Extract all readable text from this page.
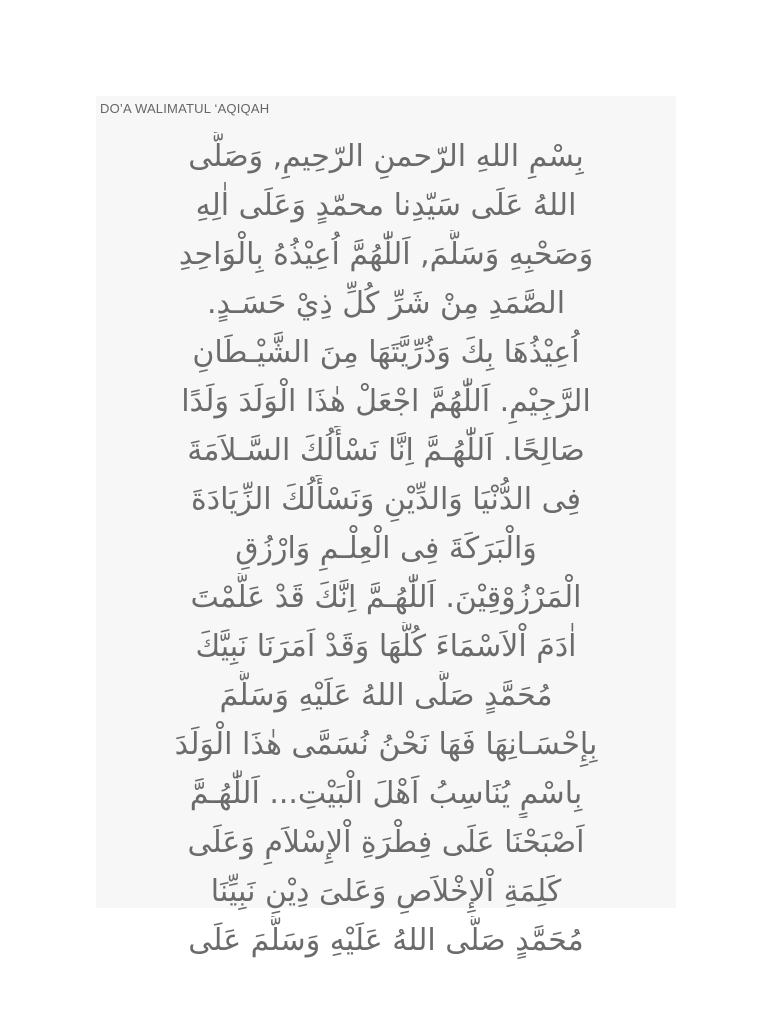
DO’A WALIMATUL ‘AQIQAH
بِسْمِ اللهِ الرّحمنِ الرّحِيمِ, وَصَلَّى
اللهُ عَلَى سَيّدِنا محمّدٍ وَعَلَى اٰلِهِ
وَصَحْبِهِ وَسَلَّمَ, اَللّٰهُمَّ اُعِيْذُهُ بِالْوَاحِدِ
الصَّمَدِ مِنْ شَرِّ كُلِّ ذِيْ حَسَـدٍ.
اُعِيْذُهَا بِكَ وَذُرِّيَّتَهَا مِنَ الشَّيْـطَانِ
الرَّجِيْمِ. اَللّٰهُمَّ اجْعَلْ هٰذَا الْوَلَدَ وَلَدًا
صَالِحًا. اَللّٰهُـمَّ اِنَّا نَسْأَلُكَ السَّـلاَمَةَ
فِى الدُّنْيَا وَالدِّيْنِ وَنَسْأَلُكَ الزِّيَادَةَ
وَالْبَرَكَةَ فِى الْعِلْـمِ وَارْزُقِ
الْمَرْزُوْقِيْنَ. اَللّٰهُـمَّ اِنَّكَ قَدْ عَلَّمْتَ
اٰدَمَ اْلاَسْمَاءَ كُلَّهَا وَقَدْ اَمَرَنَا نَبِيَّكَ
مُحَمَّدٍ صَلَّى اللهُ عَلَيْهِ وَسَلَّمَ
بِإِحْسَـانِهَا فَهَا نَحْنُ نُسَمَّى هٰذَا الْوَلَدَ
بِاسْمٍ يُنَاسِبُ اَهْلَ الْبَيْتِ... اَللّٰهُـمَّ
اَصْبَحْنَا عَلَى فِطْرَةِ اْلإِسْلاَمِ وَعَلَى
كَلِمَةِ اْلإِخْلاَصِ وَعَلىَ دِيْنِ نَبِيِّنَا
مُحَمَّدٍ صَلَّى اللهُ عَلَيْهِ وَسَلَّمَ عَلَى
